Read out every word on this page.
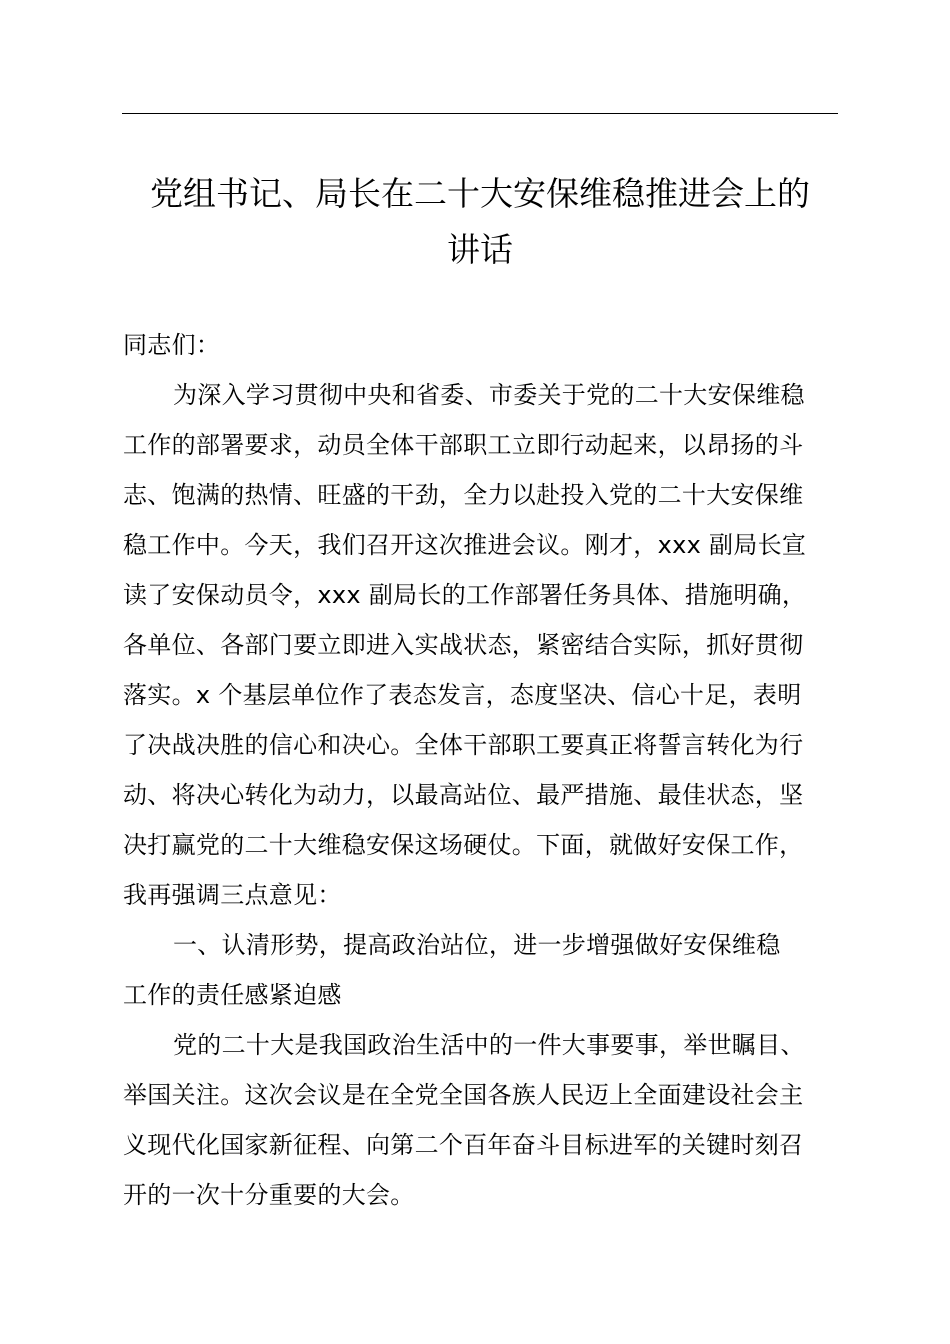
党组书记、局长在二十大安保维稳推进会上的
讲话
同志们：
为深入学习贯彻中央和省委、市委关于党的二十大安保维稳
工作的部署要求，动员全体干部职工立即行动起来，以昂扬的斗
志、饱满的热情、旺盛的干劲，全力以赴投入党的二十大安保维
稳工作中。今天，我们召开这次推进会议。刚才，xxx 副局长宣
读了安保动员令，xxx 副局长的工作部署任务具体、措施明确，
各单位、各部门要立即进入实战状态，紧密结合实际，抓好贯彻
落实。x 个基层单位作了表态发言，态度坚决、信心十足，表明
了决战决胜的信心和决心。全体干部职工要真正将誓言转化为行
动、将决心转化为动力，以最高站位、最严措施、最佳状态，坚
决打赢党的二十大维稳安保这场硬仗。下面，就做好安保工作，
我再强调三点意见：
一、认清形势，提高政治站位，进一步增强做好安保维稳
工作的责任感紧迫感
党的二十大是我国政治生活中的一件大事要事，举世瞩目、
举国关注。这次会议是在全党全国各族人民迈上全面建设社会主
义现代化国家新征程、向第二个百年奋斗目标进军的关键时刻召
开的一次十分重要的大会。
